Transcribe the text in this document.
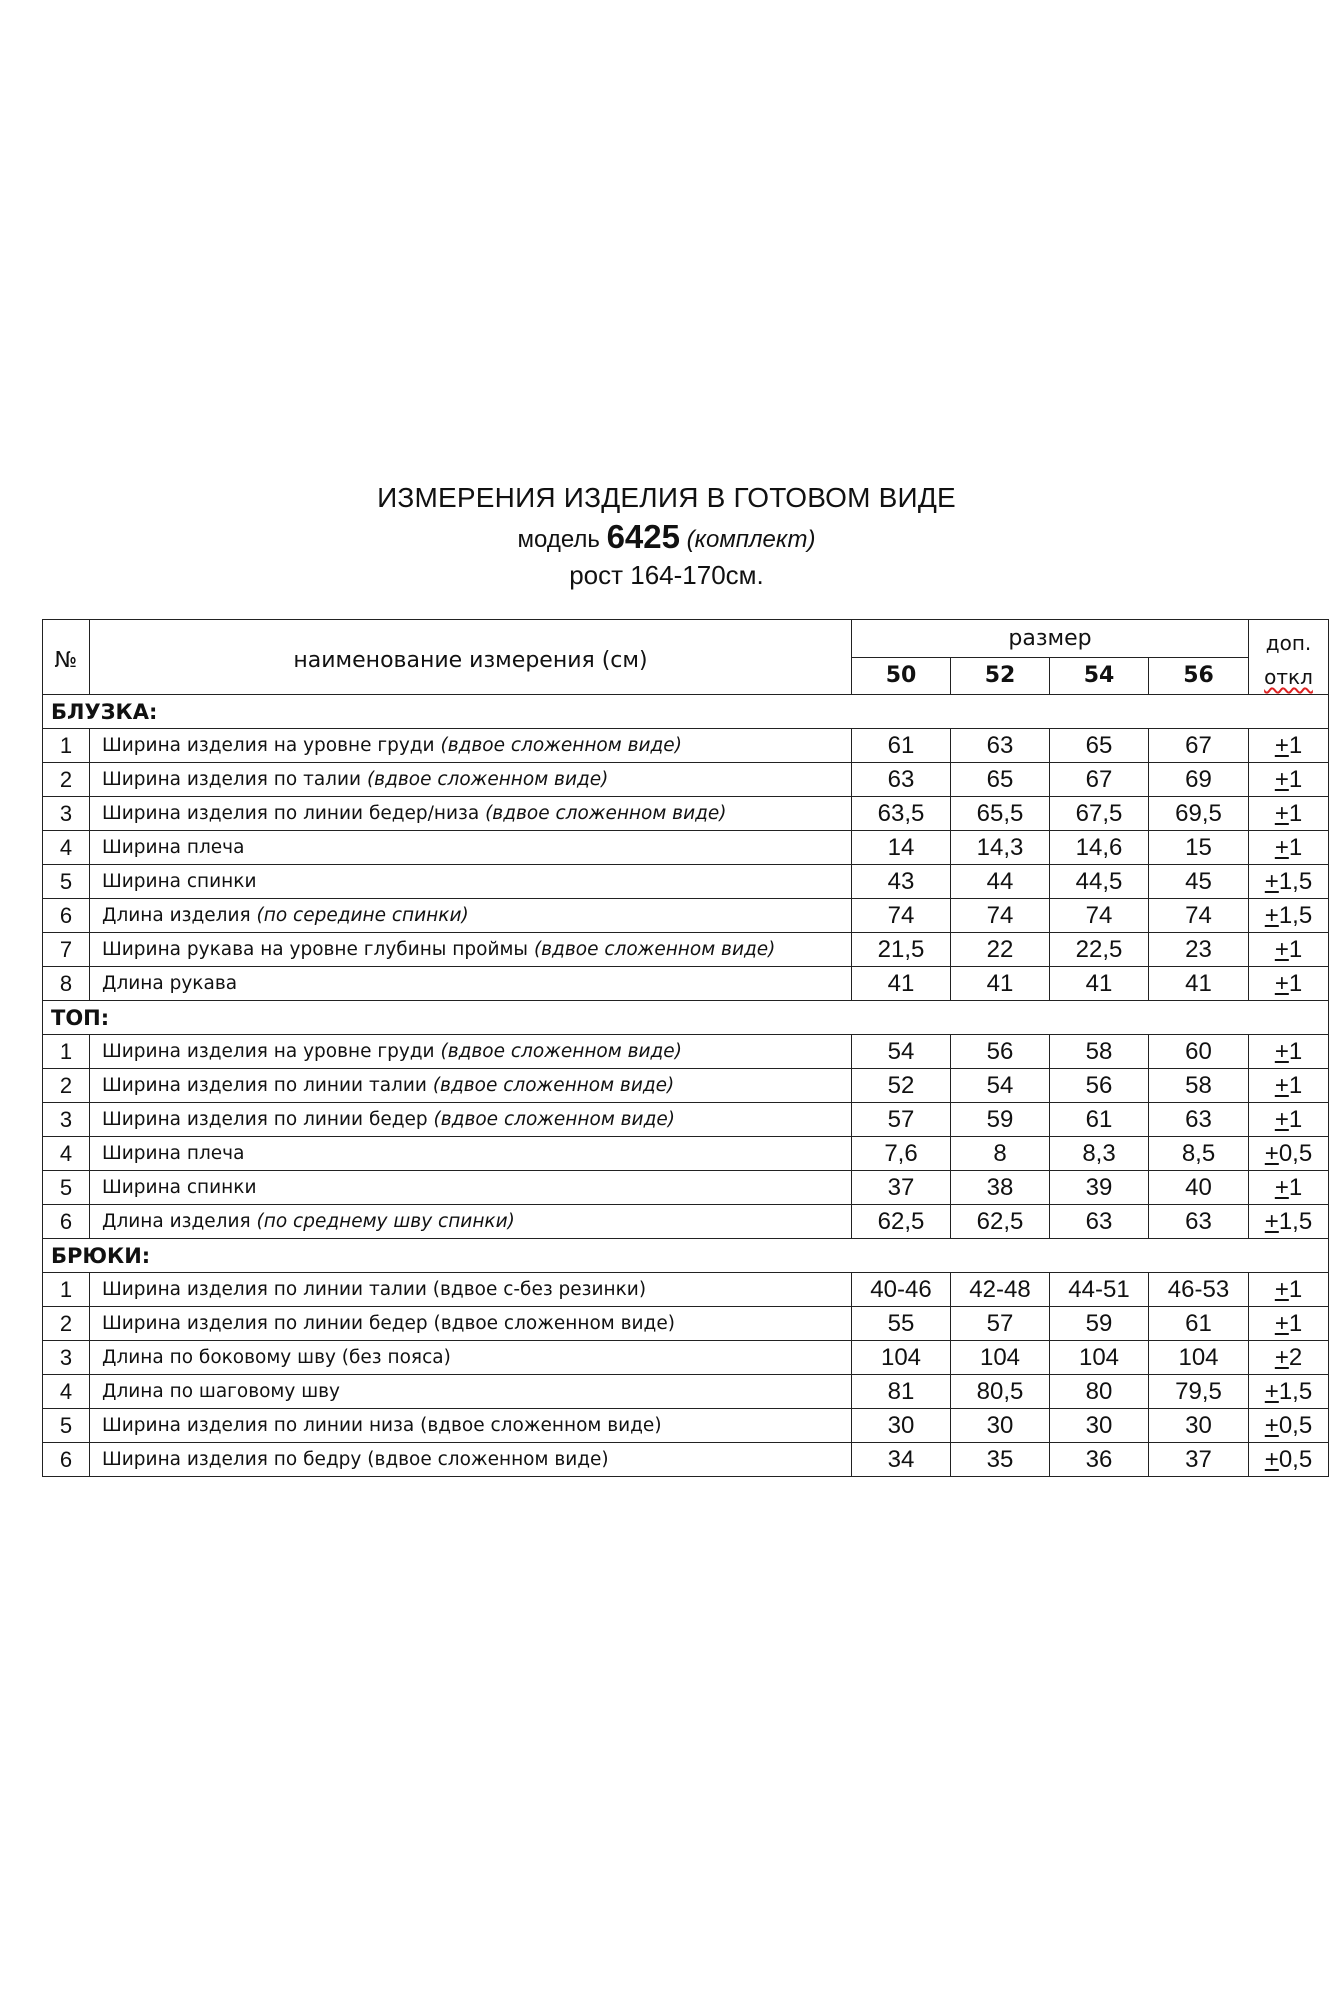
ИЗМЕРЕНИЯ ИЗДЕЛИЯ В ГОТОВОМ ВИДЕ
модель 6425 (комплект)
рост 164-170см.
№	наименование измерения (см)	размер				доп.
откл
		50	52	54	56	
БЛУЗКА:						
1	Ширина изделия на уровне груди (вдвое сложенном виде)	61	63	65	67	+1
2	Ширина изделия по талии (вдвое сложенном виде)	63	65	67	69	+1
3	Ширина изделия по линии бедер/низа (вдвое сложенном виде)	63,5	65,5	67,5	69,5	+1
4	Ширина плеча	14	14,3	14,6	15	+1
5	Ширина спинки	43	44	44,5	45	+1,5
6	Длина изделия (по середине спинки)	74	74	74	74	+1,5
7	Ширина рукава на уровне глубины проймы (вдвое сложенном виде)	21,5	22	22,5	23	+1
8	Длина рукава	41	41	41	41	+1
ТОП:						
1	Ширина изделия на уровне груди (вдвое сложенном виде)	54	56	58	60	+1
2	Ширина изделия по линии талии (вдвое сложенном виде)	52	54	56	58	+1
3	Ширина изделия по линии бедер (вдвое сложенном виде)	57	59	61	63	+1
4	Ширина плеча	7,6	8	8,3	8,5	+0,5
5	Ширина спинки	37	38	39	40	+1
6	Длина изделия (по среднему шву спинки)	62,5	62,5	63	63	+1,5
БРЮКИ:						
1	Ширина изделия по линии талии (вдвое с-без резинки)	40-46	42-48	44-51	46-53	+1
2	Ширина изделия по линии бедер (вдвое сложенном виде)	55	57	59	61	+1
3	Длина по боковому шву (без пояса)	104	104	104	104	+2
4	Длина по шаговому шву	81	80,5	80	79,5	+1,5
5	Ширина изделия по линии низа (вдвое сложенном виде)	30	30	30	30	+0,5
6	Ширина изделия по бедру (вдвое сложенном виде)	34	35	36	37	+0,5
